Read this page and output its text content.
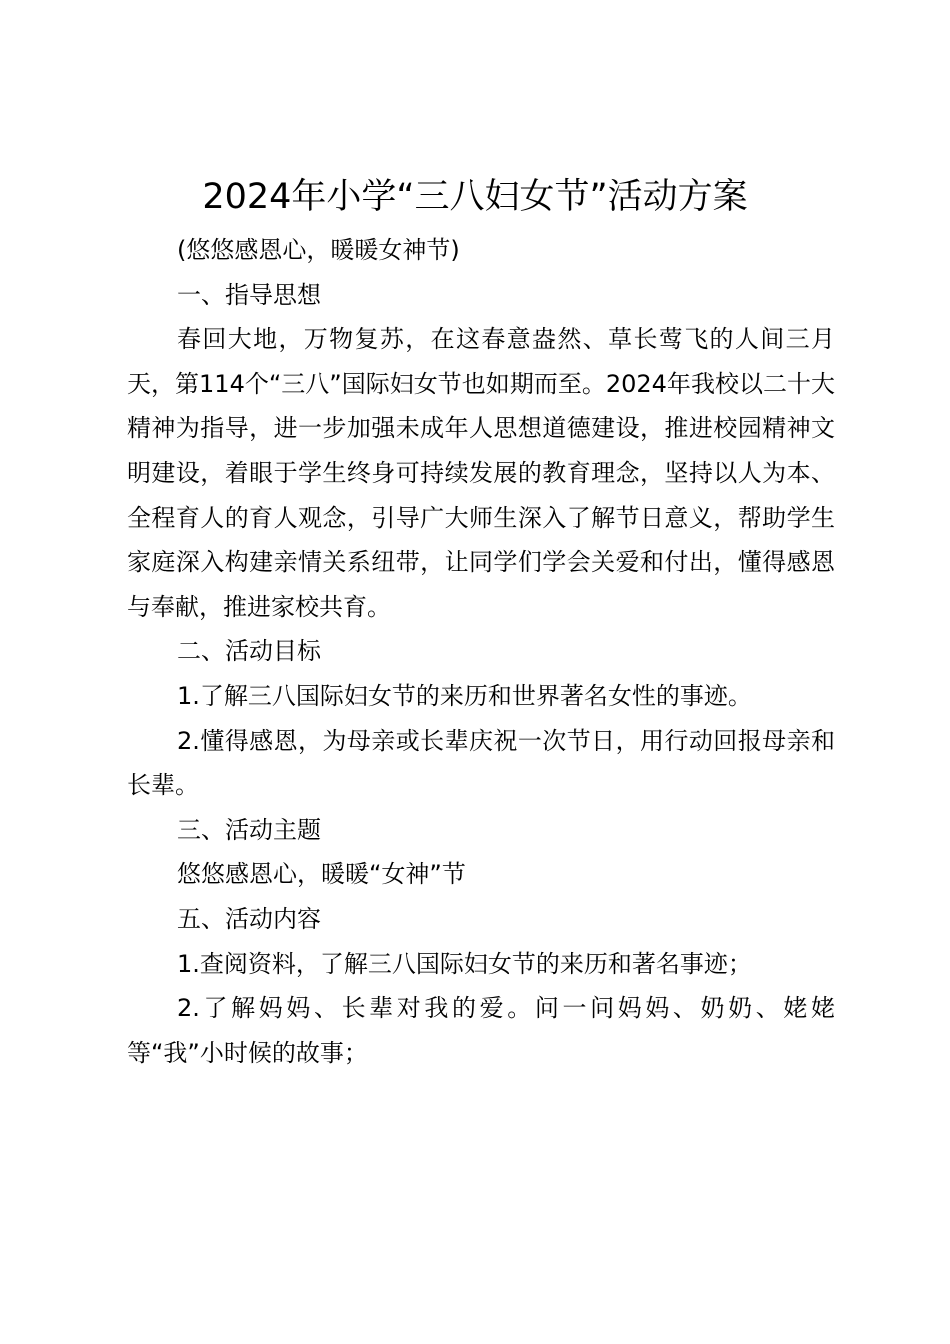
2024年小学“三八妇女节”活动方案

(悠悠感恩心，暖暖女神节)

一、指导思想

春回大地，万物复苏，在这春意盎然、草长莺飞的人间三月天，第114个“三八”国际妇女节也如期而至。2024年我校以二十大精神为指导，进一步加强未成年人思想道德建设，推进校园精神文明建设，着眼于学生终身可持续发展的教育理念，坚持以人为本、全程育人的育人观念，引导广大师生深入了解节日意义，帮助学生家庭深入构建亲情关系纽带，让同学们学会关爱和付出，懂得感恩与奉献，推进家校共育。

二、活动目标

1.了解三八国际妇女节的来历和世界著名女性的事迹。

2.懂得感恩，为母亲或长辈庆祝一次节日，用行动回报母亲和长辈。

三、活动主题

悠悠感恩心，暖暖“女神”节

五、活动内容

1.查阅资料，了解三八国际妇女节的来历和著名事迹；

2.了解妈妈、长辈对我的爱。问一问妈妈、奶奶、姥姥等“我”小时候的故事；
